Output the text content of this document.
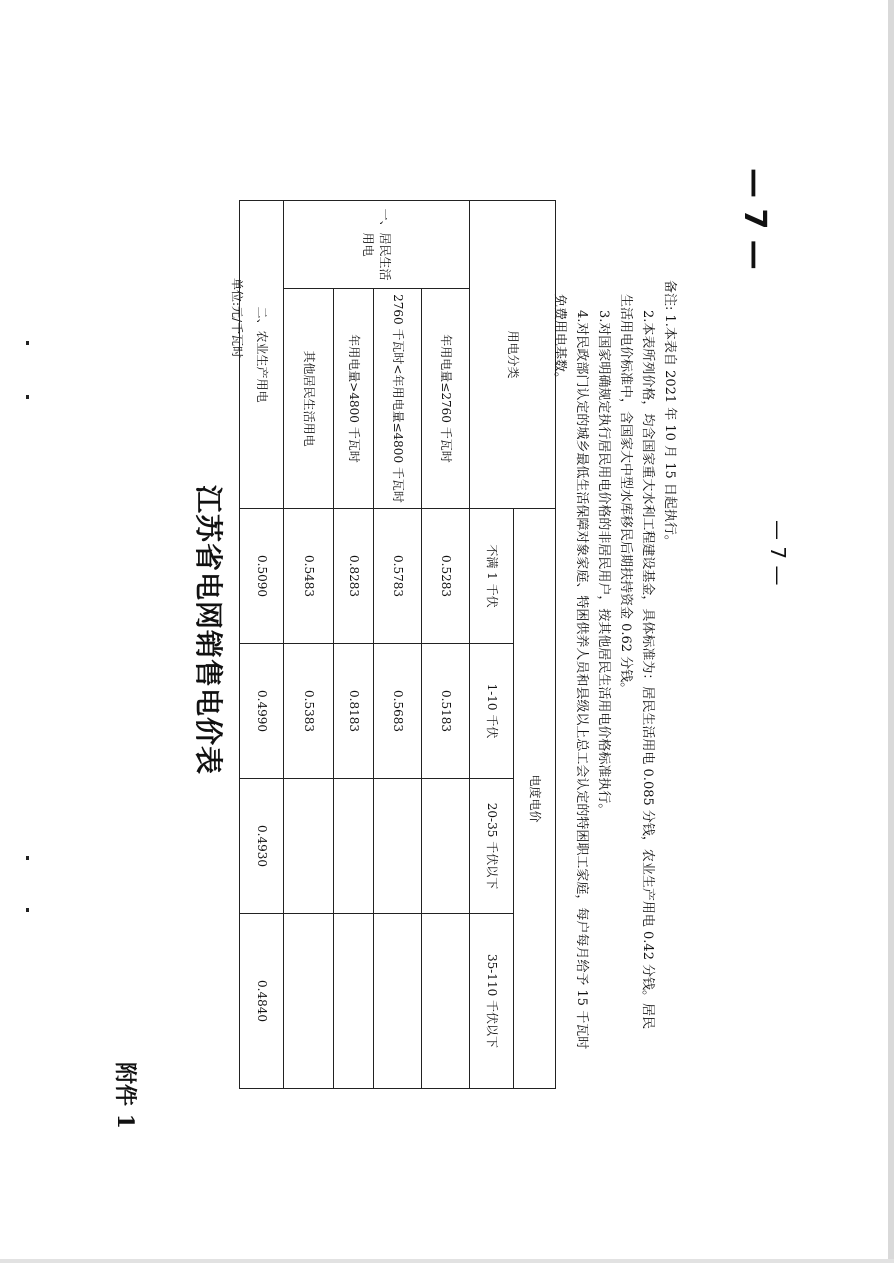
— 7 —
附件 1
江苏省电网销售电价表
单位:元/千瓦时	用电分类		电度电价			
		不满 1 千伏	1-10 千伏	20-35 千伏以下	35-110 千伏以下
一、居民生活用电	年用电量≤2760 千瓦时	0.5283	0.5183		
	2760 千瓦时<年用电量≤4800 千瓦时	0.5783	0.5683		
	年用电量>4800 千瓦时	0.8283	0.8183		
	其他居民生活用电	0.5483	0.5383		
二、农业生产用电		0.5090	0.4990	0.4930	0.4840

备注: 1.本表自 2021 年 10 月 15 日起执行。

2.本表所列价格，均含国家重大水利工程建设基金，具体标准为：居民生活用电 0.085 分钱，农业生产用电 0.42 分钱。居民

生活用电价标准中，含国家大中型水库移民后期扶持资金 0.62 分钱。

3.对国家明确规定执行居民用电价格的非居民用户，按其他居民生活用电价格标准执行。

4.对民政部门认定的城乡最低生活保障对象家庭、特困供养人员和县级以上总工会认定的特困职工家庭，每户每月给予 15 千瓦时

免费用电基数。

— 7 —
